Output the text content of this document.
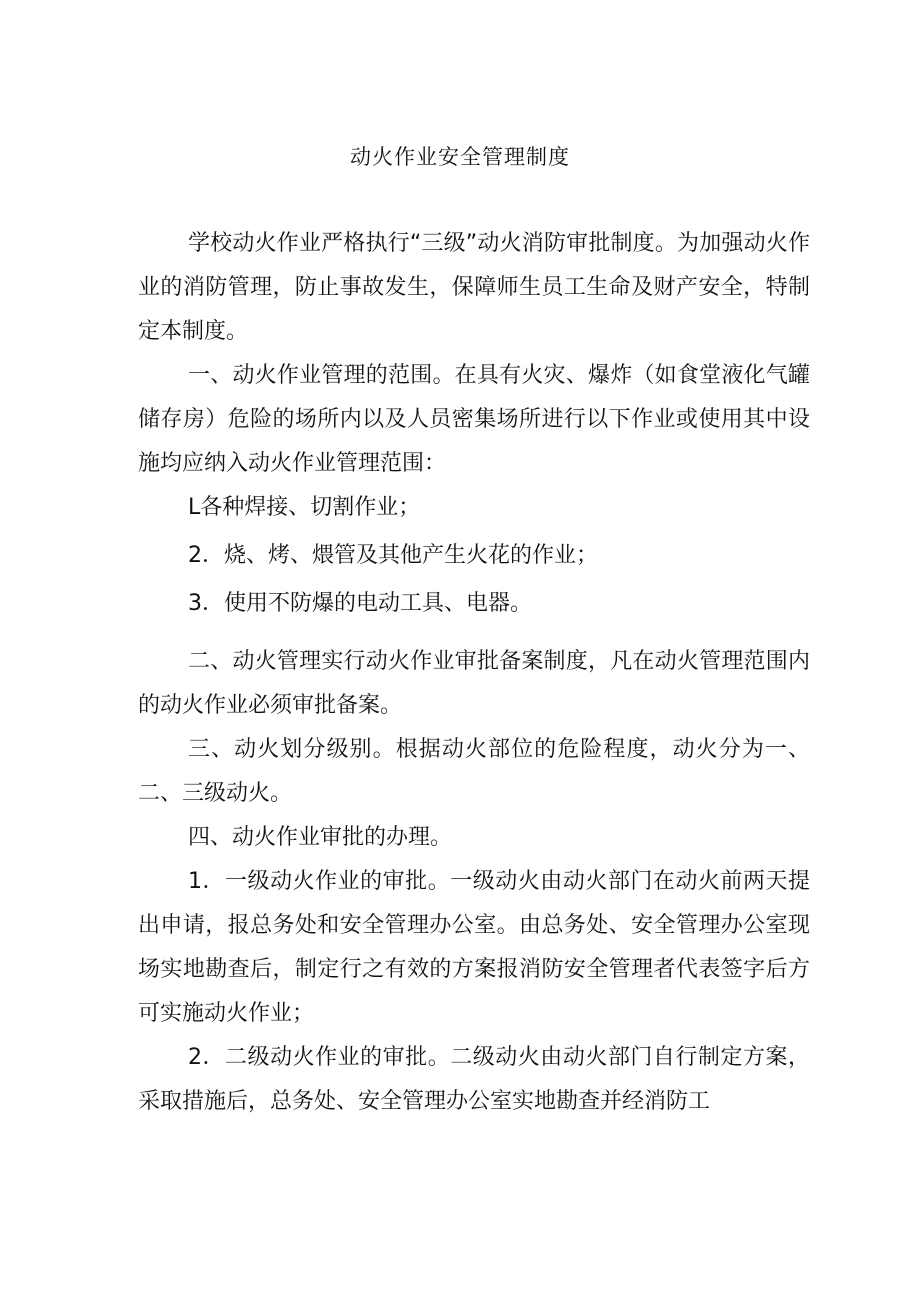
动火作业安全管理制度

学校动火作业严格执行“三级”动火消防审批制度。为加强动火作业的消防管理，防止事故发生，保障师生员工生命及财产安全，特制定本制度。

一、动火作业管理的范围。在具有火灾、爆炸（如食堂液化气罐储存房）危险的场所内以及人员密集场所进行以下作业或使用其中设施均应纳入动火作业管理范围：

L各种焊接、切割作业；

2．烧、烤、煨管及其他产生火花的作业；

3．使用不防爆的电动工具、电器。

二、动火管理实行动火作业审批备案制度，凡在动火管理范围内的动火作业必须审批备案。

三、动火划分级别。根据动火部位的危险程度，动火分为一、二、三级动火。

四、动火作业审批的办理。

1．一级动火作业的审批。一级动火由动火部门在动火前两天提出申请，报总务处和安全管理办公室。由总务处、安全管理办公室现场实地勘查后，制定行之有效的方案报消防安全管理者代表签字后方可实施动火作业；

2．二级动火作业的审批。二级动火由动火部门自行制定方案，采取措施后，总务处、安全管理办公室实地勘查并经消防工
